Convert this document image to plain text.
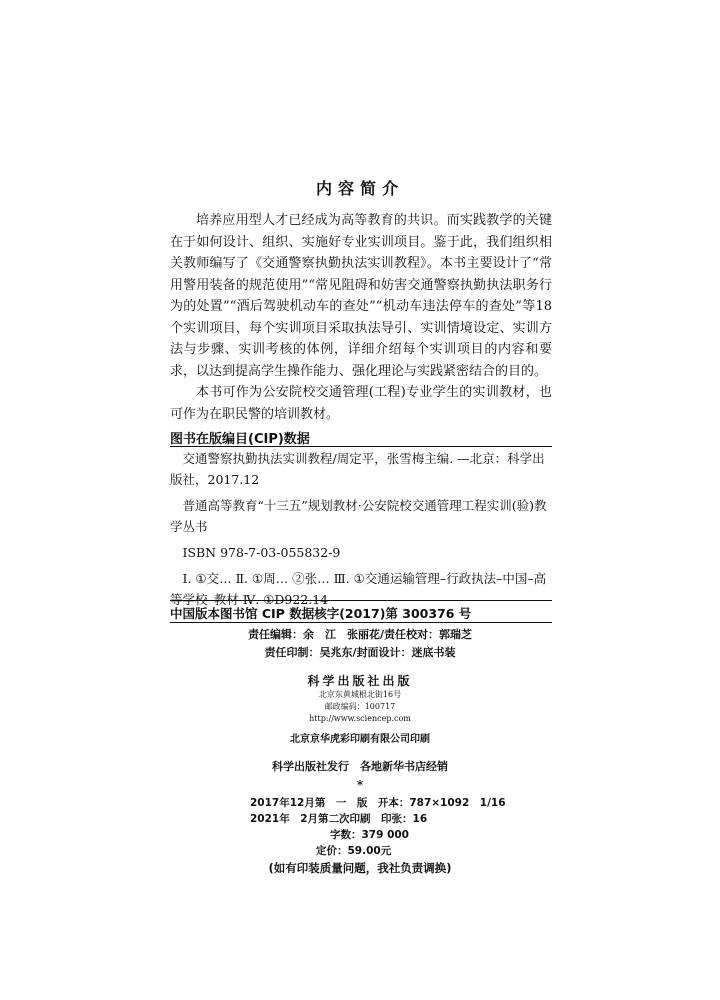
内容简介

培养应用型人才已经成为高等教育的共识。而实践教学的关键在于如何设计、组织、实施好专业实训项目。鉴于此，我们组织相关教师编写了《交通警察执勤执法实训教程》。本书主要设计了“常用警用装备的规范使用”“常见阻碍和妨害交通警察执勤执法职务行为的处置”“酒后驾驶机动车的查处”“机动车违法停车的查处”等18个实训项目，每个实训项目采取执法导引、实训情境设定、实训方法与步骤、实训考核的体例，详细介绍每个实训项目的内容和要求，以达到提高学生操作能力、强化理论与实践紧密结合的目的。

本书可作为公安院校交通管理(工程)专业学生的实训教材，也可作为在职民警的培训教材。

图书在版编目(CIP)数据

交通警察执勤执法实训教程/周定平，张雪梅主编. —北京：科学出版社，2017.12

普通高等教育“十三五”规划教材·公安院校交通管理工程实训(验)教学丛书

ISBN 978-7-03-055832-9

Ⅰ. ①交… Ⅱ. ①周… ②张… Ⅲ. ①交通运输管理–行政执法–中国–高等学校–教材 Ⅳ. ①D922.14

中国版本图书馆 CIP 数据核字(2017)第 300376 号
责任编辑：余　江　张丽花/责任校对：郭瑞芝
责任印制：吴兆东/封面设计：迷底书装
科学出版社出版
北京东黄城根北街16号
邮政编码：100717
http://www.sciencep.com
北京京华虎彩印刷有限公司印刷
科学出版社发行　各地新华书店经销
*
2017年12月第　一　版　开本：787×1092　1/16
2021年　2月第二次印刷　印张：16
字数：379 000
定价：59.00元
(如有印装质量问题，我社负责调换)
